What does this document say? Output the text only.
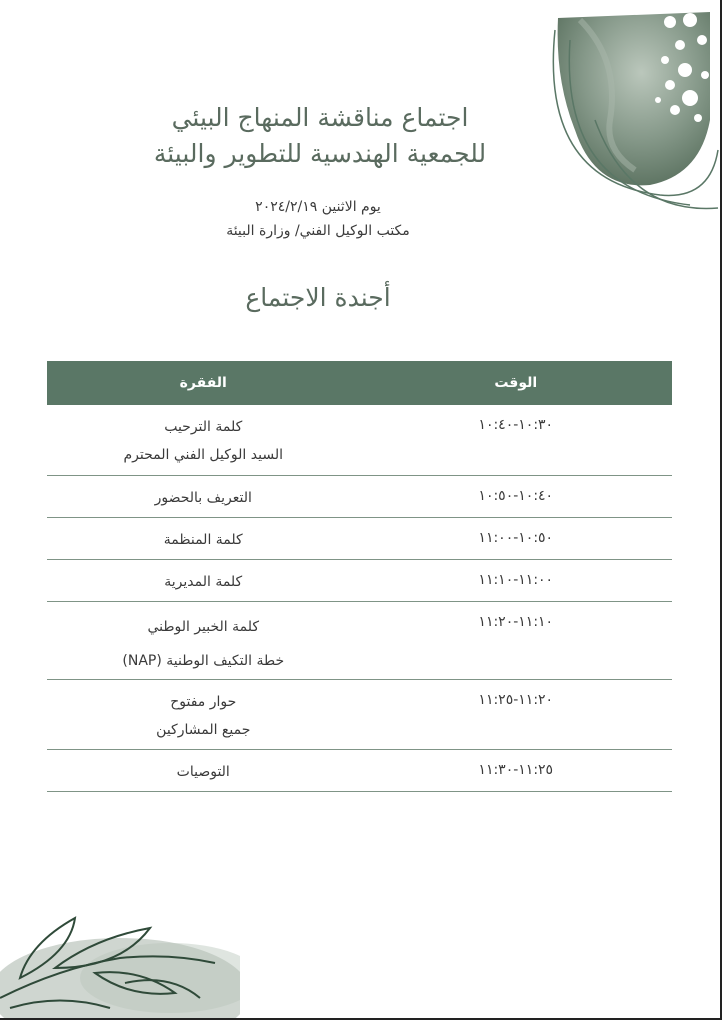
اجتماع مناقشة المنهاج البيئي
للجمعية الهندسية للتطوير والبيئة
يوم الاثنين ٢٠٢٤/٢/١٩
مكتب الوكيل الفني/ وزارة البيئة
أجندة الاجتماع
الوقت	الفقرة

١٠:٣٠-١٠:٤٠	كلمة الترحيب
السيد الوكيل الفني المحترم

١٠:٤٠-١٠:٥٠	التعريف بالحضور

١٠:٥٠-١١:٠٠	كلمة المنظمة

١١:٠٠-١١:١٠	كلمة المديرية

١١:١٠-١١:٢٠	كلمة الخبير الوطني
خطة التكيف الوطنية (NAP)

١١:٢٠-١١:٢٥	حوار مفتوح
جميع المشاركين

١١:٢٥-١١:٣٠	التوصيات
